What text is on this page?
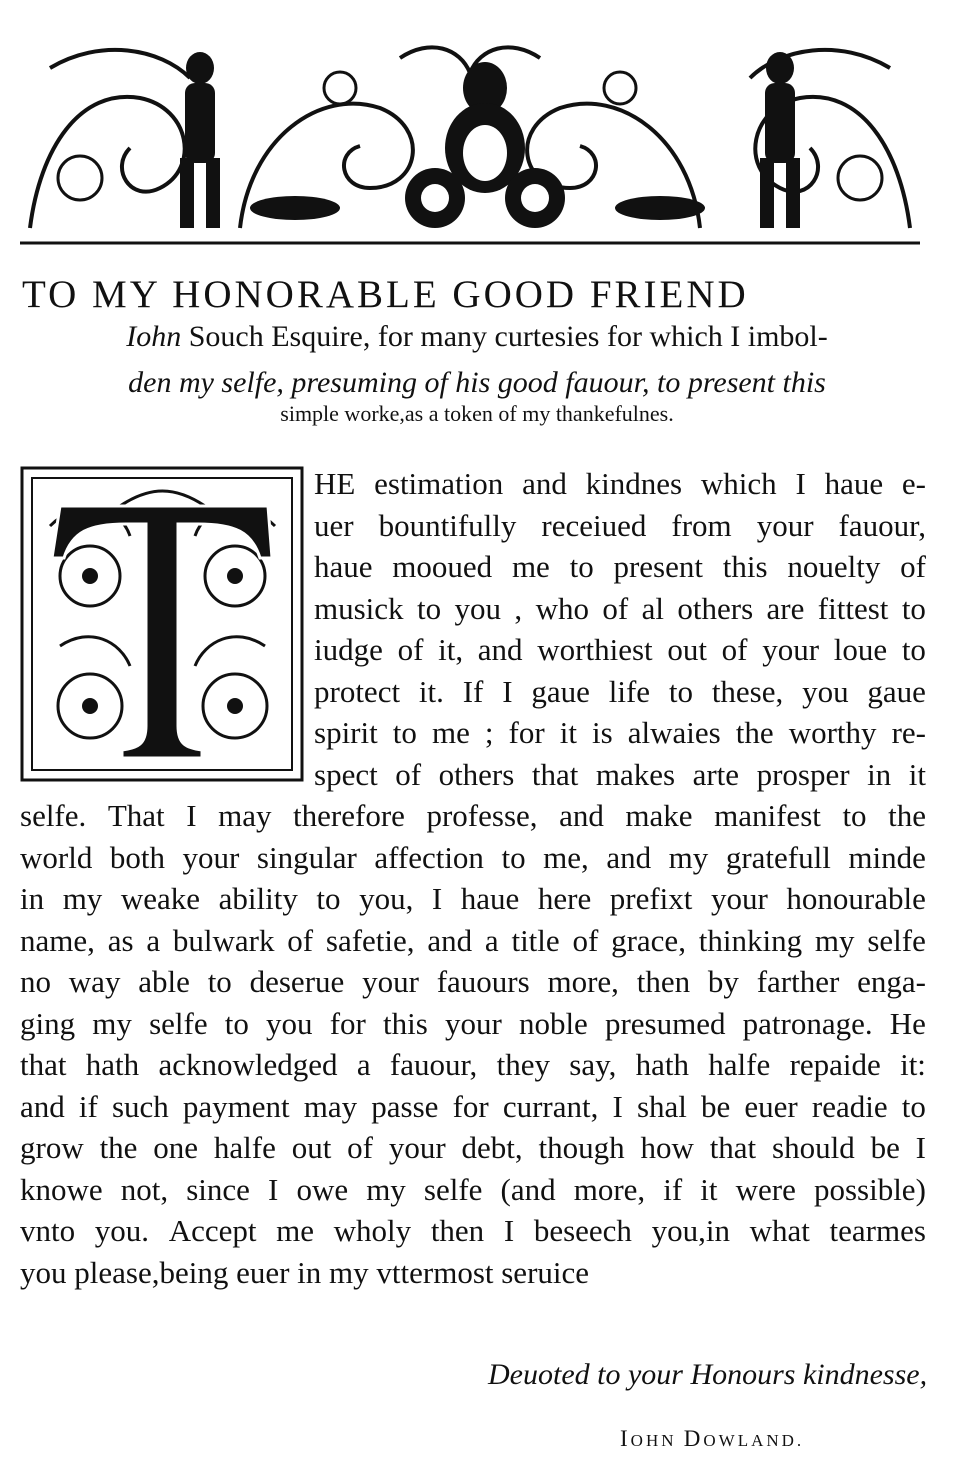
TO MY HONORABLE GOOD FRIEND
Iohn Souch Esquire, for many curtesies for which I imbol-
den my selfe, presuming of his good fauour, to present this
simple worke,as a token of my thankefulnes.
HE estimation and kindnes which I haue e-
uer bountifully receiued from your fauour,
haue mooued me to present this nouelty of
musick to you , who of al others are fittest to
iudge of it, and worthiest out of your loue to
protect it. If I gaue life to these, you gaue
spirit to me ; for it is alwaies the worthy re-
spect of others that makes arte prosper in it
selfe. That I may therefore professe, and make manifest to the
world both your singular affection to me, and my gratefull minde
in my weake ability to you, I haue here prefixt your honourable
name, as a bulwark of safetie, and a title of grace, thinking my selfe
no way able to deserue your fauours more, then by farther enga-
ging my selfe to you for this your noble presumed patronage. He
that hath acknowledged a fauour, they say, hath halfe repaide it:
and if such payment may passe for currant, I shal be euer readie to
grow the one halfe out of your debt, though how that should be I
knowe not, since I owe my selfe (and more, if it were possible)
vnto you. Accept me wholy then I beseech you,in what tearmes
you please,being euer in my vttermost seruice
Deuoted to your Honours kindnesse,
IOHN DOWLAND.
